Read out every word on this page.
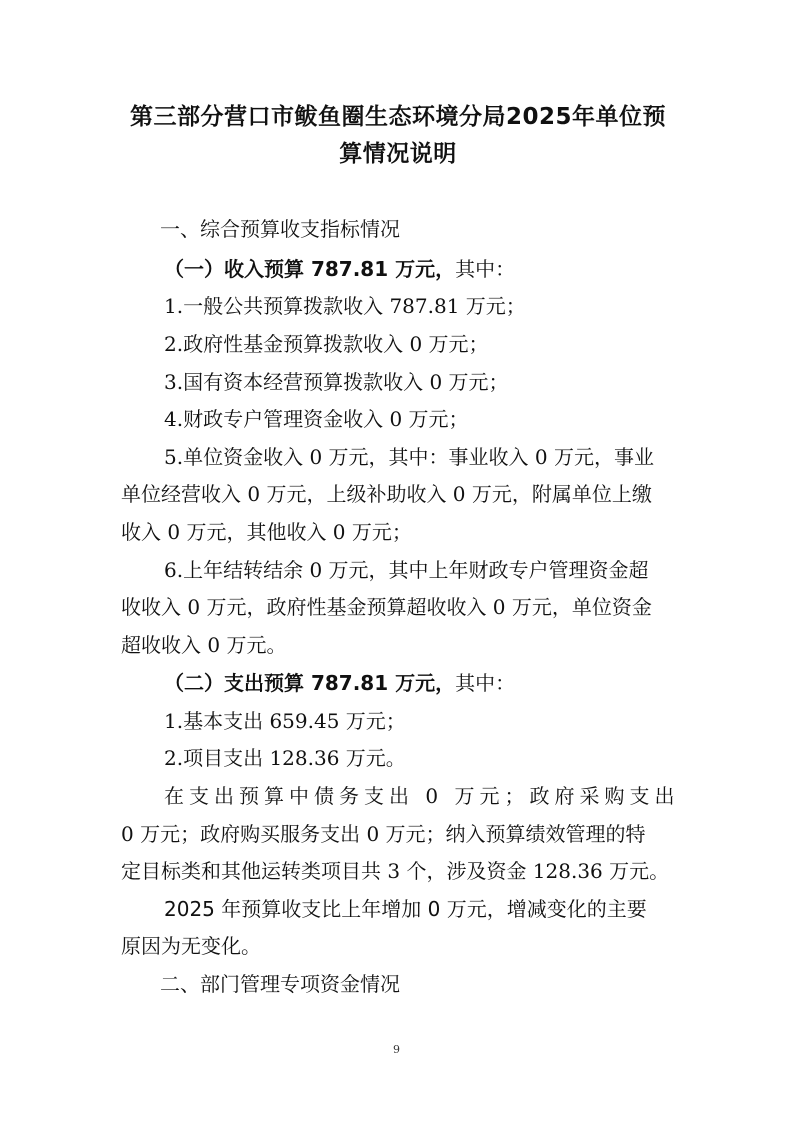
第三部分营口市鲅鱼圈生态环境分局2025年单位预
算情况说明
一、综合预算收支指标情况
（一）收入预算 787.81 万元，其中：
1.一般公共预算拨款收入 787.81 万元；
2.政府性基金预算拨款收入 0 万元；
3.国有资本经营预算拨款收入 0 万元；
4.财政专户管理资金收入 0 万元；
5.单位资金收入 0 万元，其中：事业收入 0 万元，事业
单位经营收入 0 万元，上级补助收入 0 万元，附属单位上缴
收入 0 万元，其他收入 0 万元；
6.上年结转结余 0 万元，其中上年财政专户管理资金超
收收入 0 万元，政府性基金预算超收收入 0 万元，单位资金
超收收入 0 万元。
（二）支出预算 787.81 万元，其中：
1.基本支出 659.45 万元；
2.项目支出 128.36 万元。
在支出预算中债务支出 0 万元；政府采购支出
0 万元；政府购买服务支出 0 万元；纳入预算绩效管理的特
定目标类和其他运转类项目共 3 个，涉及资金 128.36 万元。
2025 年预算收支比上年增加 0 万元，增减变化的主要
原因为无变化。
二、部门管理专项资金情况
9
